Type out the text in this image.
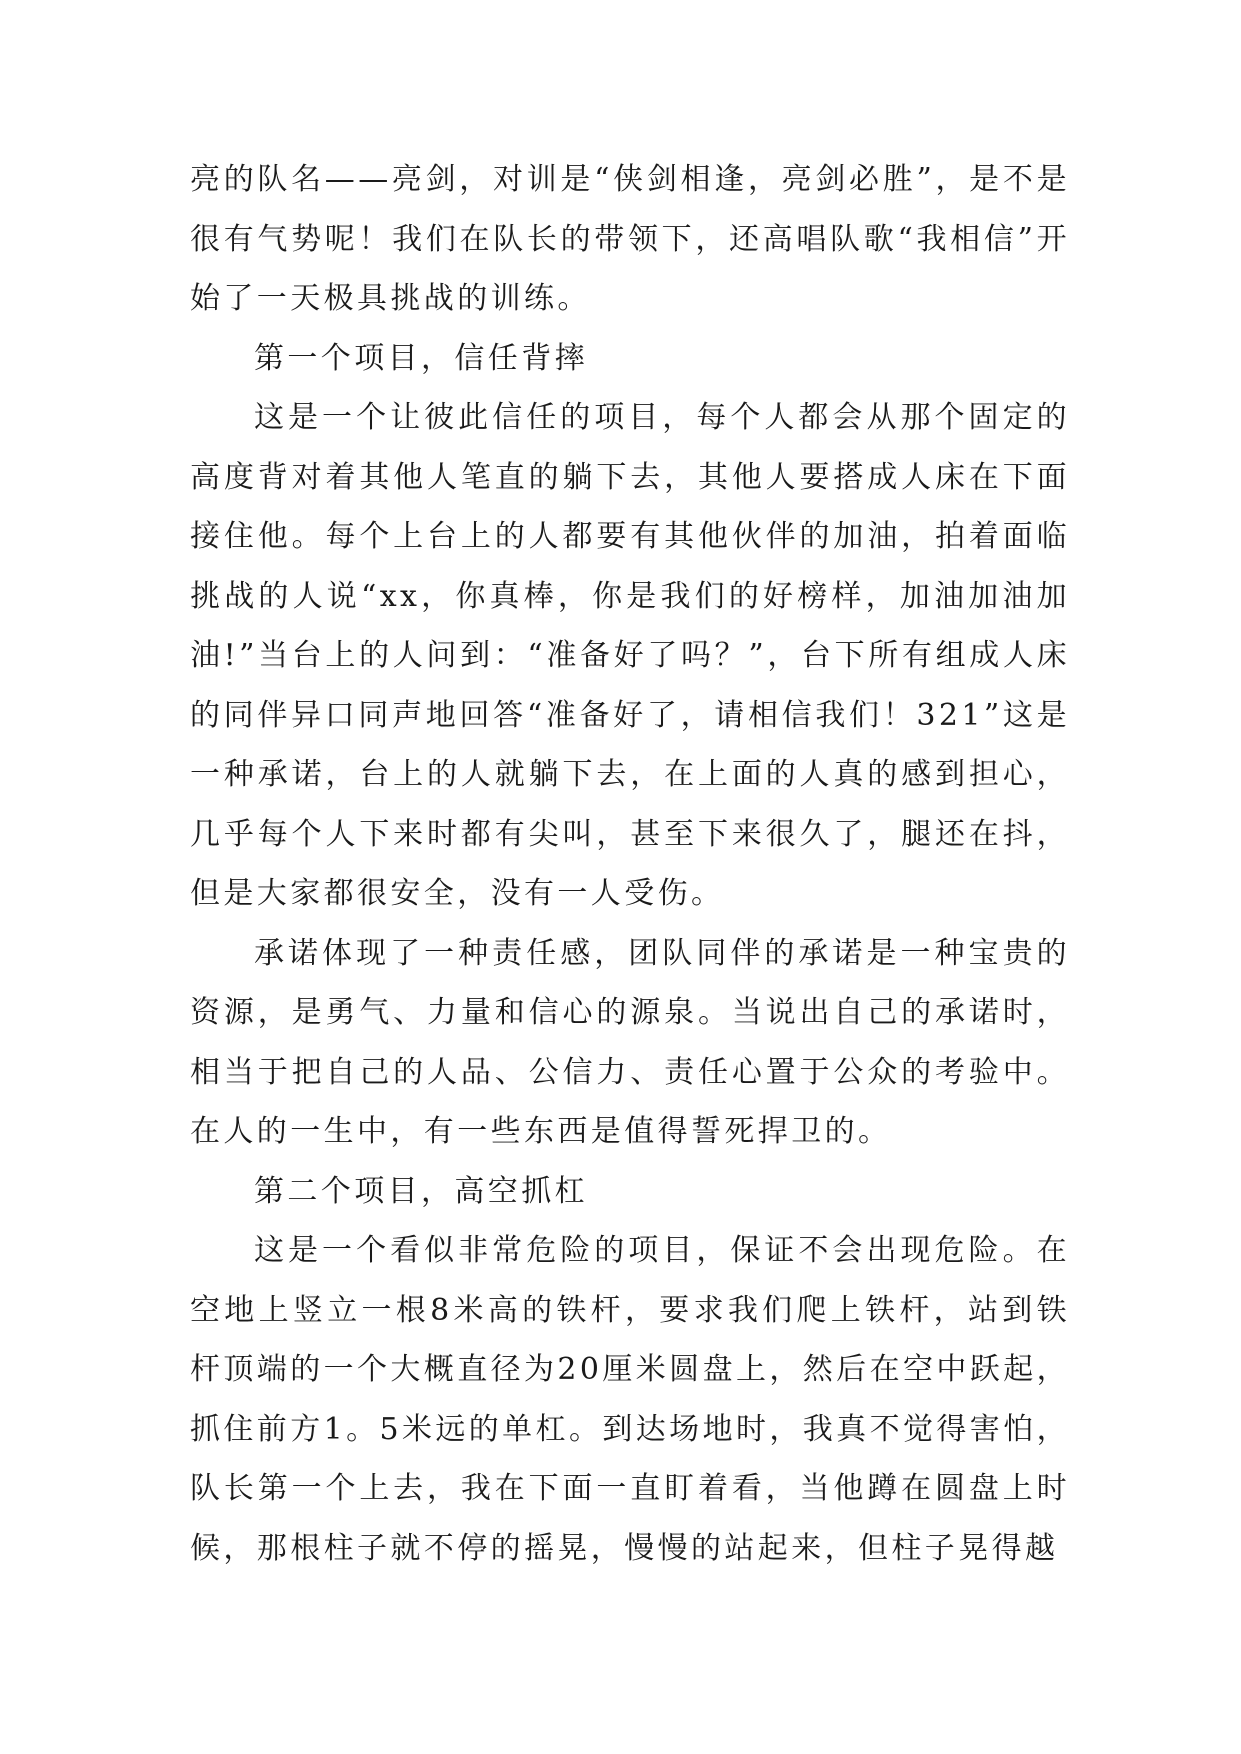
亮的队名——亮剑，对训是“侠剑相逢，亮剑必胜”，是不是很有气势呢！我们在队长的带领下，还高唱队歌“我相信”开始了一天极具挑战的训练。

第一个项目，信任背摔

这是一个让彼此信任的项目，每个人都会从那个固定的高度背对着其他人笔直的躺下去，其他人要搭成人床在下面接住他。每个上台上的人都要有其他伙伴的加油，拍着面临挑战的人说“xx，你真棒，你是我们的好榜样，加油加油加油!”当台上的人问到：“准备好了吗？”，台下所有组成人床的同伴异口同声地回答“准备好了，请相信我们！321”这是一种承诺，台上的人就躺下去，在上面的人真的感到担心，几乎每个人下来时都有尖叫，甚至下来很久了，腿还在抖，但是大家都很安全，没有一人受伤。

承诺体现了一种责任感，团队同伴的承诺是一种宝贵的资源，是勇气、力量和信心的源泉。当说出自己的承诺时，相当于把自己的人品、公信力、责任心置于公众的考验中。在人的一生中，有一些东西是值得誓死捍卫的。

第二个项目，高空抓杠

这是一个看似非常危险的项目，保证不会出现危险。在空地上竖立一根8米高的铁杆，要求我们爬上铁杆，站到铁杆顶端的一个大概直径为20厘米圆盘上，然后在空中跃起，抓住前方1。5米远的单杠。到达场地时，我真不觉得害怕，队长第一个上去，我在下面一直盯着看，当他蹲在圆盘上时候，那根柱子就不停的摇晃，慢慢的站起来，但柱子晃得越
